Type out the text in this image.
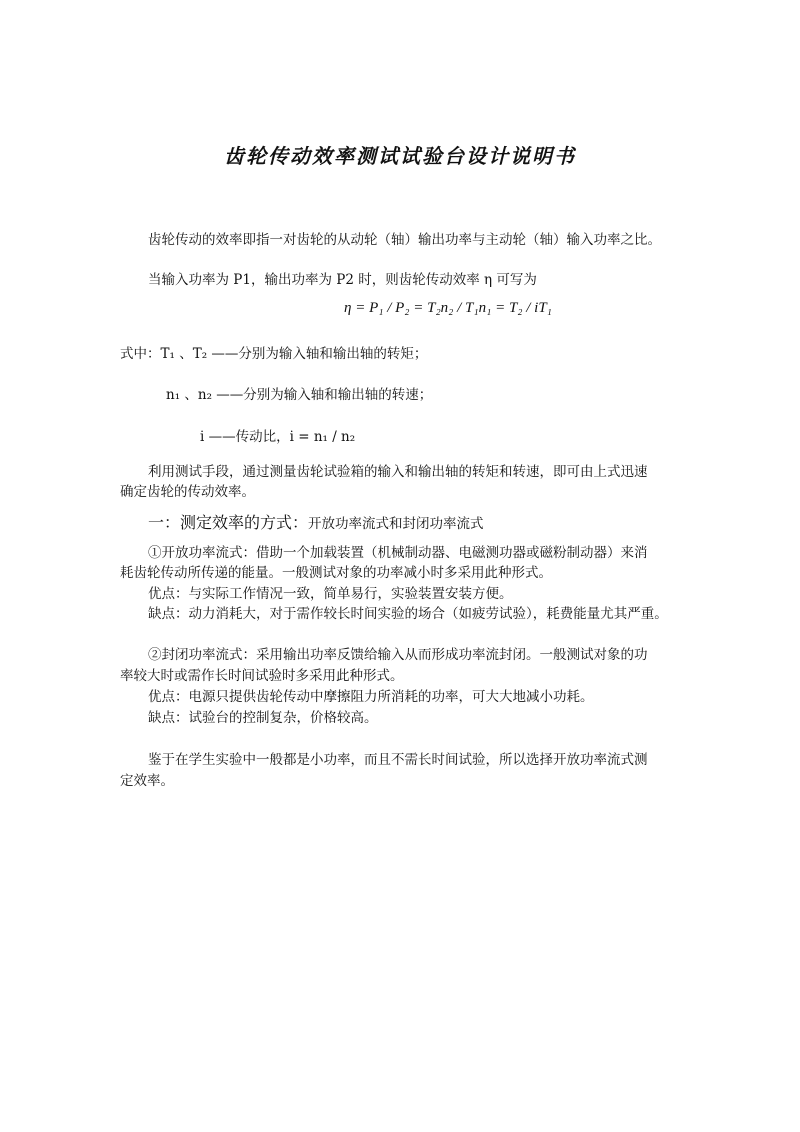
齿轮传动效率测试试验台设计说明书
齿轮传动的效率即指一对齿轮的从动轮（轴）输出功率与主动轮（轴）输入功率之比。
当输入功率为 P1，输出功率为 P2 时，则齿轮传动效率 η 可写为
η = P₁ / P₂ = T₂n₂ / T₁n₁ = T₂ / iT₁
式中：T₁ 、T₂ ——分别为输入轴和输出轴的转矩；
n₁ 、n₂ ——分别为输入轴和输出轴的转速；
i ——传动比，i = n₁ / n₂
利用测试手段，通过测量齿轮试验箱的输入和输出轴的转矩和转速，即可由上式迅速
确定齿轮的传动效率。
一：测定效率的方式：开放功率流式和封闭功率流式
①开放功率流式：借助一个加载装置（机械制动器、电磁测功器或磁粉制动器）来消
耗齿轮传动所传递的能量。一般测试对象的功率减小时多采用此种形式。
优点：与实际工作情况一致，简单易行，实验装置安装方便。
缺点：动力消耗大，对于需作较长时间实验的场合（如疲劳试验），耗费能量尤其严重。
②封闭功率流式：采用输出功率反馈给输入从而形成功率流封闭。一般测试对象的功
率较大时或需作长时间试验时多采用此种形式。
优点：电源只提供齿轮传动中摩擦阻力所消耗的功率，可大大地减小功耗。
缺点：试验台的控制复杂，价格较高。
鉴于在学生实验中一般都是小功率，而且不需长时间试验，所以选择开放功率流式测
定效率。
